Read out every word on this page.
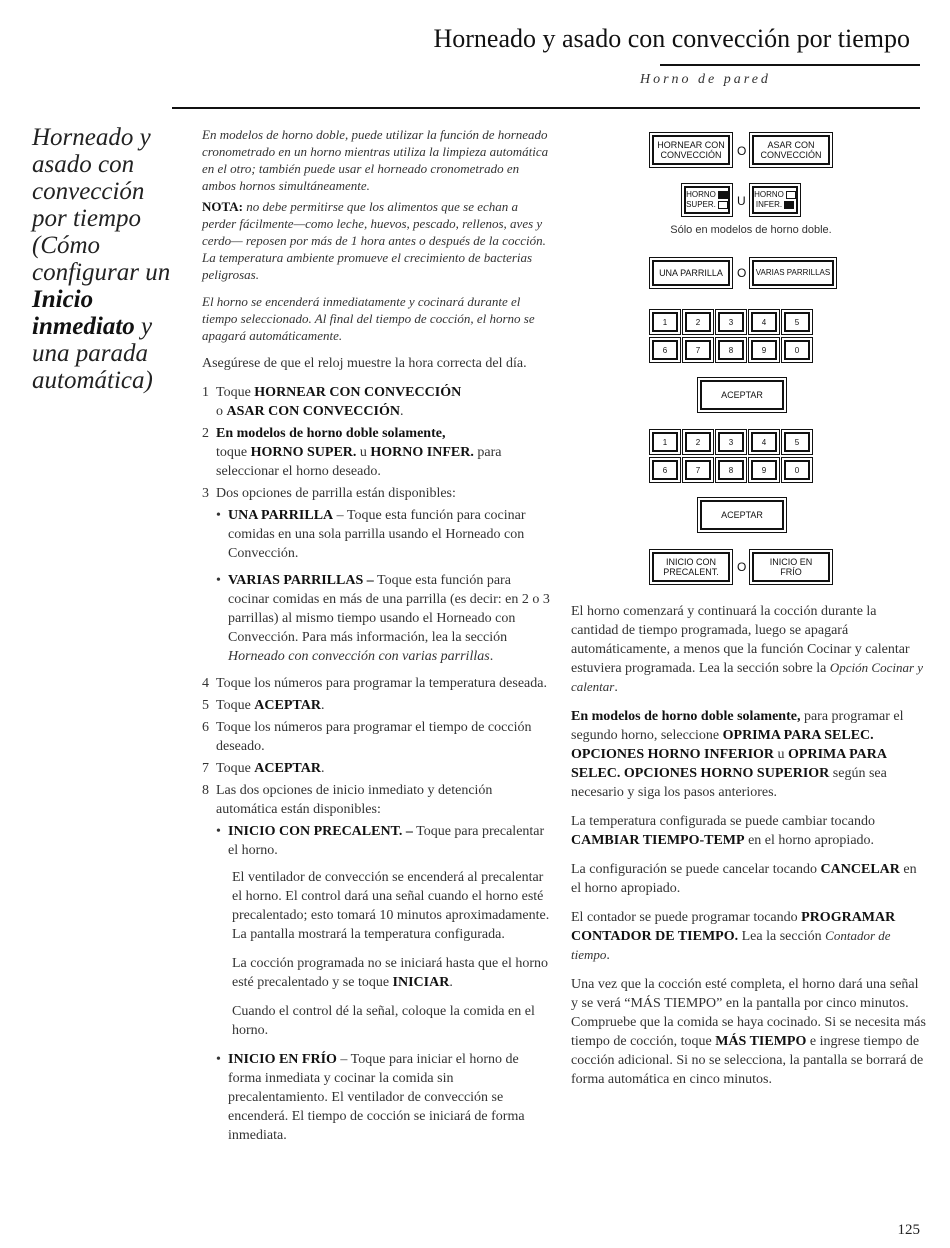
Horneado y asado con convección por tiempo
Horno de pared
Horneado y asado con convección por tiempo (Cómo configurar un Inicio inmediato y una parada automática)

En modelos de horno doble, puede utilizar la función de horneado cronometrado en un horno mientras utiliza la limpieza automática en el otro; también puede usar el horneado cronometrado en ambos hornos simultáneamente.

NOTA: no debe permitirse que los alimentos que se echan a perder fácilmente—como leche, huevos, pescado, rellenos, aves y cerdo— reposen por más de 1 hora antes o después de la cocción. La temperatura ambiente promueve el crecimiento de bacterias peligrosas.

El horno se encenderá inmediatamente y cocinará durante el tiempo seleccionado. Al final del tiempo de cocción, el horno se apagará automáticamente.

Asegúrese de que el reloj muestre la hora correcta del día.

1 Toque HORNEAR CON CONVECCIÓN
o ASAR CON CONVECCIÓN.
2 En modelos de horno doble solamente,
toque HORNO SUPER. u HORNO INFER. para seleccionar el horno deseado.
3 Dos opciones de parrilla están disponibles:
• UNA PARRILLA – Toque esta función para cocinar comidas en una sola parrilla usando el Horneado con Convección.
• VARIAS PARRILLAS – Toque esta función para cocinar comidas en más de una parrilla (es decir: en 2 o 3 parrillas) al mismo tiempo usando el Horneado con Convección. Para más información, lea la sección Horneado con convección con varias parrillas.
4 Toque los números para programar la temperatura deseada.
5 Toque ACEPTAR.
6 Toque los números para programar el tiempo de cocción deseado.
7 Toque ACEPTAR.
8 Las dos opciones de inicio inmediato y detención automática están disponibles:
• INICIO CON PRECALENT. – Toque para precalentar el horno.

El ventilador de convección se encenderá al precalentar el horno. El control dará una señal cuando el horno esté precalentado; esto tomará 10 minutos aproximadamente. La pantalla mostrará la temperatura configurada.

La cocción programada no se iniciará hasta que el horno esté precalentado y se toque INICIAR.

Cuando el control dé la señal, coloque la comida en el horno.

• INICIO EN FRÍO – Toque para iniciar el horno de forma inmediata y cocinar la comida sin precalentamiento. El ventilador de convección se encenderá. El tiempo de cocción se iniciará de forma inmediata.
HORNEAR CON
CONVECCIÓN O	ASAR CON
CONVECCIÓN
HORNO
SUPER.	U HORNO
INFER.
Sólo en modelos de horno doble.
UNA PARRILLA O VARIAS PARRILLAS
1	2	3	4	5
6	7	8	9	0
ACEPTAR
1	2	3	4	5
6	7	8	9	0
ACEPTAR
INICIO CON
PRECALENT. O	INICIO EN
FRÍO

El horno comenzará y continuará la cocción durante la cantidad de tiempo programada, luego se apagará automáticamente, a menos que la función Cocinar y calentar estuviera programada. Lea la sección sobre la Opción Cocinar y calentar.

En modelos de horno doble solamente, para programar el segundo horno, seleccione OPRIMA PARA SELEC. OPCIONES HORNO INFERIOR u OPRIMA PARA SELEC. OPCIONES HORNO SUPERIOR según sea necesario y siga los pasos anteriores.

La temperatura configurada se puede cambiar tocando CAMBIAR TIEMPO-TEMP en el horno apropiado.

La configuración se puede cancelar tocando CANCELAR en el horno apropiado.

El contador se puede programar tocando PROGRAMAR CONTADOR DE TIEMPO. Lea la sección Contador de tiempo.

Una vez que la cocción esté completa, el horno dará una señal y se verá “MÁS TIEMPO” en la pantalla por cinco minutos. Compruebe que la comida se haya cocinado. Si se necesita más tiempo de cocción, toque MÁS TIEMPO e ingrese tiempo de cocción adicional. Si no se selecciona, la pantalla se borrará de forma automática en cinco minutos.

125
